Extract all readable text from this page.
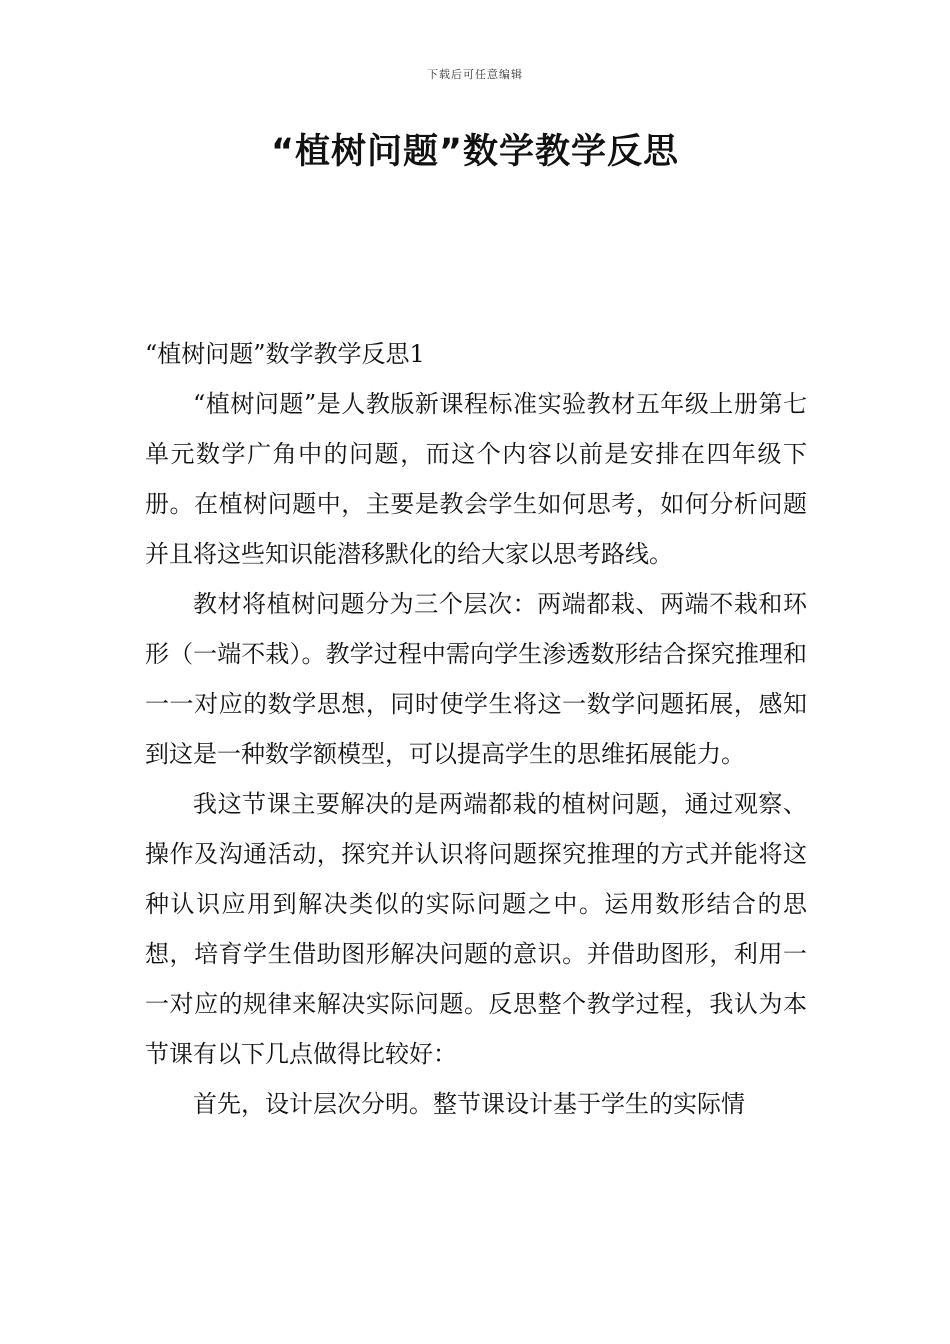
下载后可任意编辑
“植树问题”数学教学反思
“植树问题”数学教学反思1

“植树问题”是人教版新课程标准实验教材五年级上册第七单元数学广角中的问题，而这个内容以前是安排在四年级下册。在植树问题中，主要是教会学生如何思考，如何分析问题并且将这些知识能潜移默化的给大家以思考路线。

教材将植树问题分为三个层次：两端都栽、两端不栽和环形（一端不栽）。教学过程中需向学生渗透数形结合探究推理和一一对应的数学思想，同时使学生将这一数学问题拓展，感知到这是一种数学额模型，可以提高学生的思维拓展能力。

我这节课主要解决的是两端都栽的植树问题，通过观察、操作及沟通活动，探究并认识将问题探究推理的方式并能将这种认识应用到解决类似的实际问题之中。运用数形结合的思想，培育学生借助图形解决问题的意识。并借助图形，利用一一对应的规律来解决实际问题。反思整个教学过程，我认为本节课有以下几点做得比较好：

首先，设计层次分明。整节课设计基于学生的实际情
